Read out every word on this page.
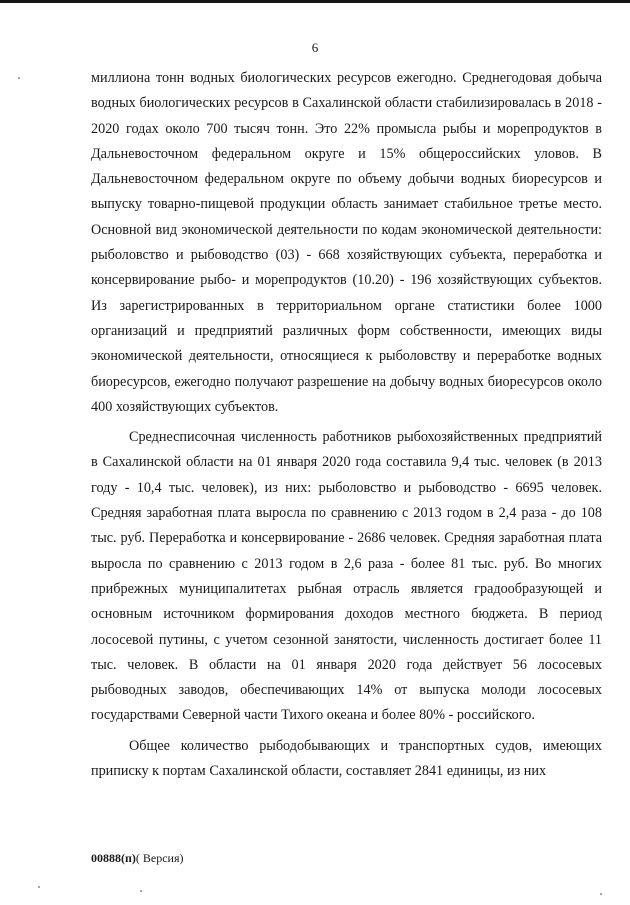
6

миллиона тонн водных биологических ресурсов ежегодно. Среднегодовая добыча водных биологических ресурсов в Сахалинской области стабилизировалась в 2018 - 2020 годах около 700 тысяч тонн. Это 22% промысла рыбы и морепродуктов в Дальневосточном федеральном округе и 15% общероссийских уловов. В Дальневосточном федеральном округе по объему добычи водных биоресурсов и выпуску товарно-пищевой продукции область занимает стабильное третье место. Основной вид экономической деятельности по кодам экономической деятельности: рыболовство и рыбоводство (03) - 668 хозяйствующих субъекта, переработка и консервирование рыбо- и морепродуктов (10.20) - 196 хозяйствующих субъектов. Из зарегистрированных в территориальном органе статистики более 1000 организаций и предприятий различных форм собственности, имеющих виды экономической деятельности, относящиеся к рыболовству и переработке водных биоресурсов, ежегодно получают разрешение на добычу водных биоресурсов около 400 хозяйствующих субъектов.

Среднесписочная численность работников рыбохозяйственных предприятий в Сахалинской области на 01 января 2020 года составила 9,4 тыс. человек (в 2013 году - 10,4 тыс. человек), из них: рыболовство и рыбоводство - 6695 человек. Средняя заработная плата выросла по сравнению с 2013 годом в 2,4 раза - до 108 тыс. руб. Переработка и консервирование - 2686 человек. Средняя заработная плата выросла по сравнению с 2013 годом в 2,6 раза - более 81 тыс. руб. Во многих прибрежных муниципалитетах рыбная отрасль является градообразующей и основным источником формирования доходов местного бюджета. В период лососевой путины, с учетом сезонной занятости, численность достигает более 11 тыс. человек. В области на 01 января 2020 года действует 56 лососевых рыбоводных заводов, обеспечивающих 14% от выпуска молоди лососевых государствами Северной части Тихого океана и более 80% - российского.

Общее количество рыбодобывающих и транспортных судов, имеющих приписку к портам Сахалинской области, составляет 2841 единицы, из них

00888(п)( Версия)
